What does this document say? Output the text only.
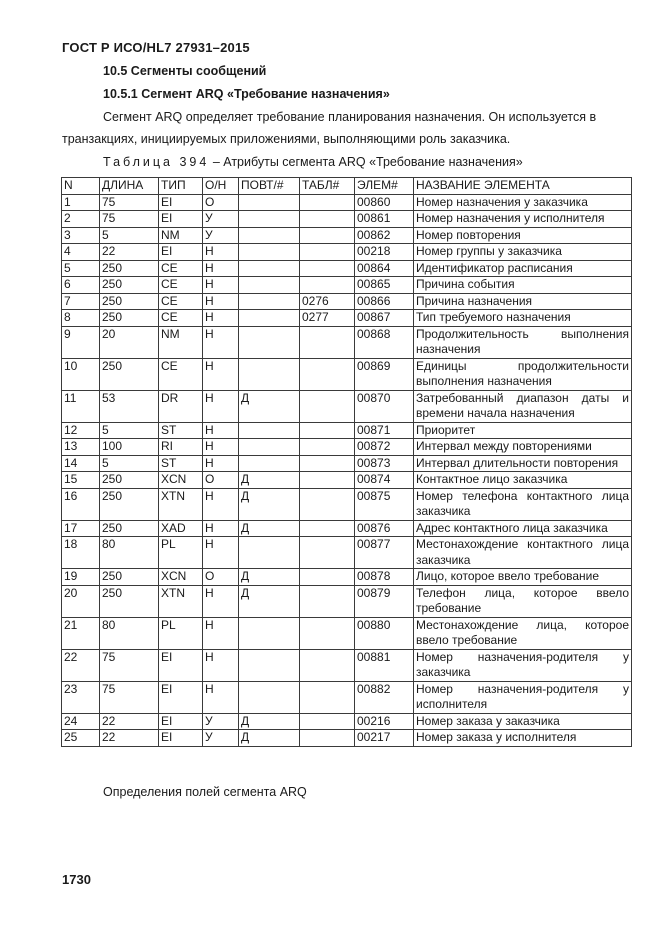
ГОСТ Р ИСО/HL7 27931–2015
10.5 Сегменты сообщений
10.5.1 Сегмент ARQ «Требование назначения»
Сегмент ARQ определяет требование планирования назначения. Он используется в
транзакциях, инициируемых приложениями, выполняющими роль заказчика.
Таблица 394 – Атрибуты сегмента ARQ «Требование назначения»
N	ДЛИНА	ТИП	О/Н	ПОВТ/#	ТАБЛ#	ЭЛЕМ#	НАЗВАНИЕ ЭЛЕМЕНТА
1	75	EI	О			00860	Номер назначения у заказчика
2	75	EI	У			00861	Номер назначения у исполнителя
3	5	NM	У			00862	Номер повторения
4	22	EI	Н			00218	Номер группы у заказчика
5	250	CE	Н			00864	Идентификатор расписания
6	250	CE	Н			00865	Причина события
7	250	CE	Н		0276	00866	Причина назначения
8	250	CE	Н		0277	00867	Тип требуемого назначения
9	20	NM	Н			00868	Продолжительность выполнения назначения
10	250	CE	Н			00869	Единицы продолжительности выполнения назначения
11	53	DR	Н	Д		00870	Затребованный диапазон даты и времени начала назначения
12	5	ST	Н			00871	Приоритет
13	100	RI	Н			00872	Интервал между повторениями
14	5	ST	Н			00873	Интервал длительности повторения
15	250	XCN	О	Д		00874	Контактное лицо заказчика
16	250	XTN	Н	Д		00875	Номер телефона контактного лица заказчика
17	250	XAD	Н	Д		00876	Адрес контактного лица заказчика
18	80	PL	Н			00877	Местонахождение контактного лица заказчика
19	250	XCN	О	Д		00878	Лицо, которое ввело требование
20	250	XTN	Н	Д		00879	Телефон лица, которое ввело требование
21	80	PL	Н			00880	Местонахождение лица, которое ввело требование
22	75	EI	Н			00881	Номер назначения-родителя у заказчика
23	75	EI	Н			00882	Номер назначения-родителя у исполнителя
24	22	EI	У	Д		00216	Номер заказа у заказчика
25	22	EI	У	Д		00217	Номер заказа у исполнителя
Определения полей сегмента ARQ
1730
